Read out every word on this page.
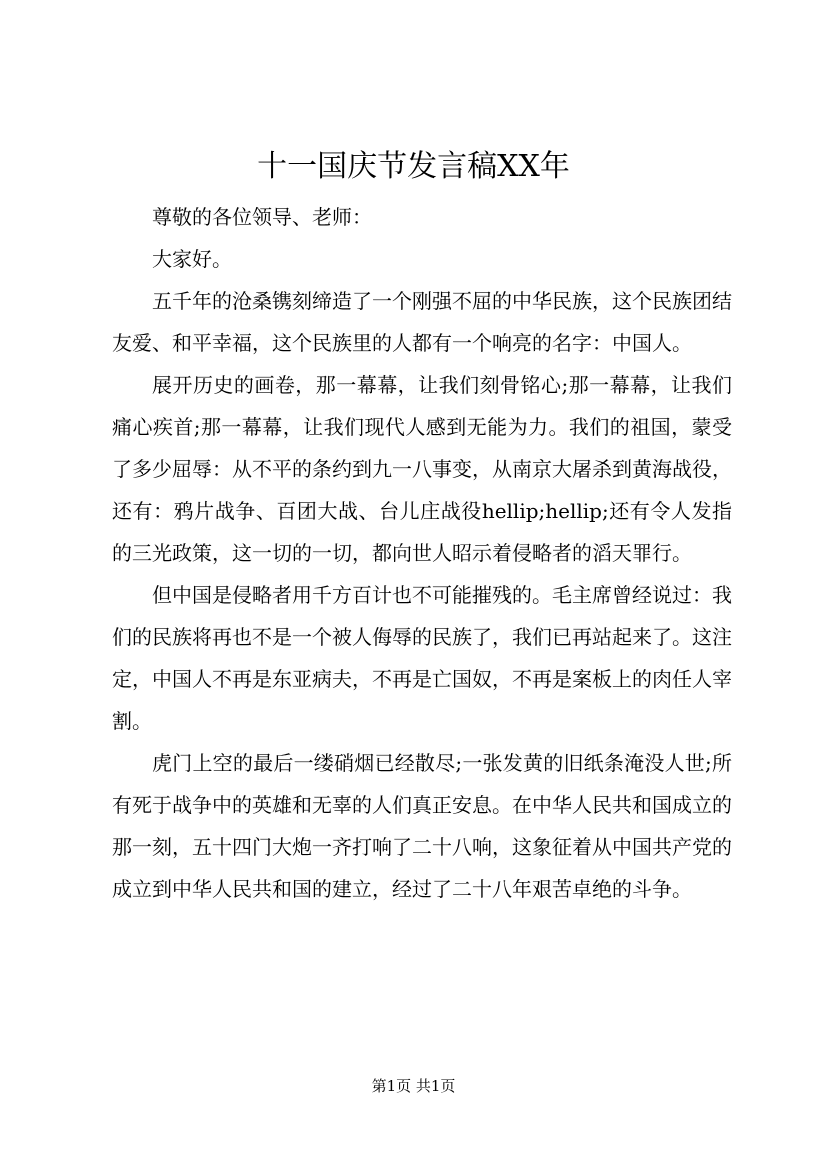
十一国庆节发言稿XX年

尊敬的各位领导、老师：

大家好。

五千年的沧桑镌刻缔造了一个刚强不屈的中华民族，这个民族团结友爱、和平幸福，这个民族里的人都有一个响亮的名字：中国人。

展开历史的画卷，那一幕幕，让我们刻骨铭心;那一幕幕，让我们痛心疾首;那一幕幕，让我们现代人感到无能为力。我们的祖国，蒙受了多少屈辱：从不平的条约到九一八事变，从南京大屠杀到黄海战役，还有：鸦片战争、百团大战、台儿庄战役hellip;hellip;还有令人发指的三光政策，这一切的一切，都向世人昭示着侵略者的滔天罪行。

但中国是侵略者用千方百计也不可能摧残的。毛主席曾经说过：我们的民族将再也不是一个被人侮辱的民族了，我们已再站起来了。这注定，中国人不再是东亚病夫，不再是亡国奴，不再是案板上的肉任人宰割。

虎门上空的最后一缕硝烟已经散尽;一张发黄的旧纸条淹没人世;所有死于战争中的英雄和无辜的人们真正安息。在中华人民共和国成立的那一刻，五十四门大炮一齐打响了二十八响，这象征着从中国共产党的成立到中华人民共和国的建立，经过了二十八年艰苦卓绝的斗争。

第1页 共1页
